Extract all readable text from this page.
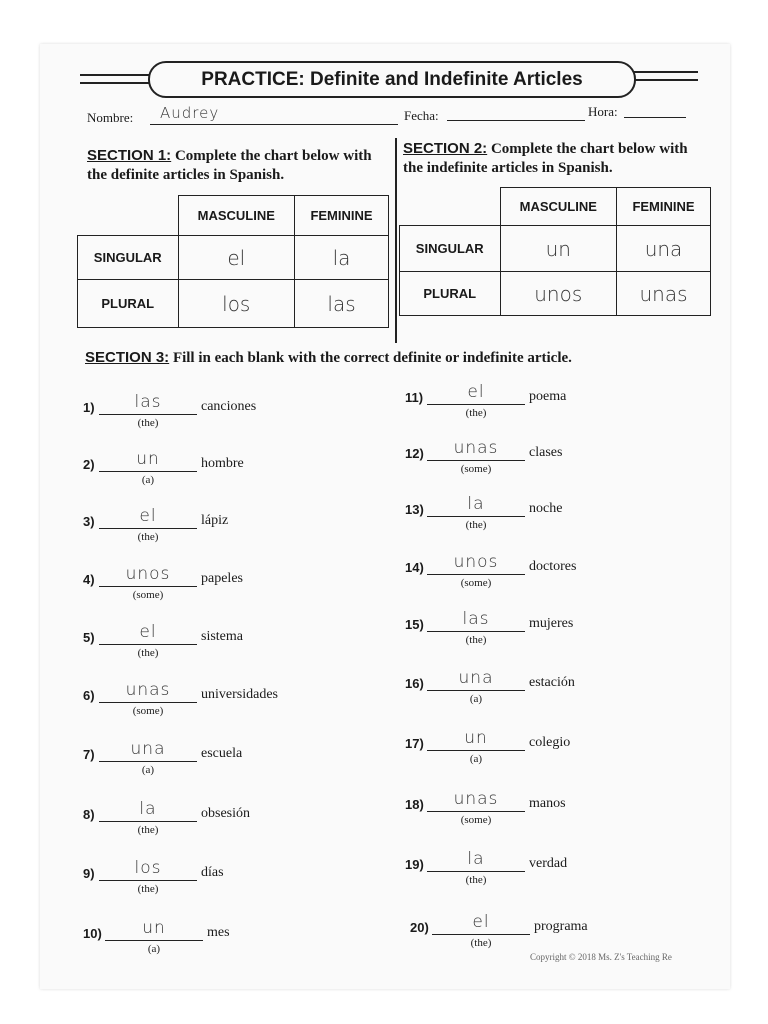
PRACTICE: Definite and Indefinite Articles
Nombre: Audrey	Fecha:	Hora:
SECTION 1: Complete the chart below with the definite articles in Spanish.
SECTION 2: Complete the chart below with the indefinite articles in Spanish.
	MASCULINE	FEMININE
SINGULAR	el	la
PLURAL	los	las
	MASCULINE	FEMININE
SINGULAR	un	una
PLURAL	unos	unas
SECTION 3: Fill in each blank with the correct definite or indefinite article.
1)	las
(the)
canciones
2)	un
(a)
hombre
3)	el
(the)
lápiz
4)	unos
(some)
papeles
5)	el
(the)
sistema
6)	unas
(some)
universidades
7)	una
(a)
escuela
8)	la
(the)
obsesión
9)	los
(the)
días
10)	un
(a)
mes
11)	el
(the)
poema
12)	unas
(some)
clases
13)	la
(the)
noche
14)	unos
(some)
doctores
15)	las
(the)
mujeres
16)	una
(a)
estación
17)	un
(a)
colegio
18)	unas
(some)
manos
19)	la
(the)
verdad
20)	el
(the)
programa
Copyright © 2018 Ms. Z's Teaching Re
